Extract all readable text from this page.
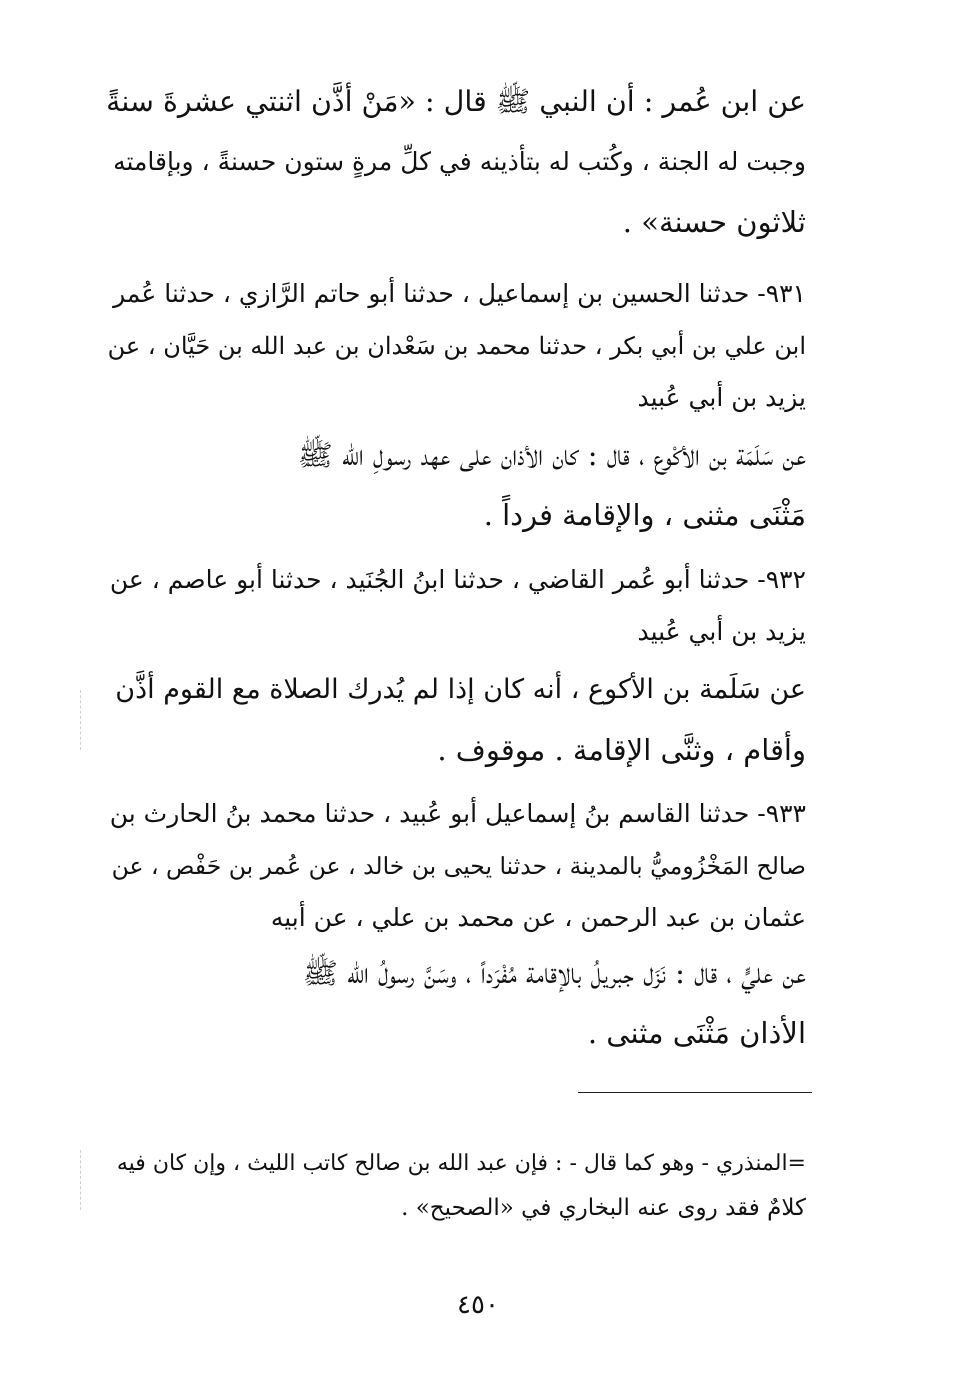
عن ابن عُمر : أن النبي ﷺ قال : «مَنْ أذَّن اثنتي عشرةَ سنةً
وجبت له الجنة ، وكُتب له بتأذينه في كلِّ مرةٍ ستون حسنةً ، وبإقامته
ثلاثون حسنة» .
٩٣١- حدثنا الحسين بن إسماعيل ، حدثنا أبو حاتم الرَّازي ، حدثنا عُمر
ابن علي بن أبي بكر ، حدثنا محمد بن سَعْدان بن عبد الله بن حَيَّان ، عن
يزيد بن أبي عُبيد
عن سَلَمَة بن الأكْوع ، قال : كان الأذان على عهد رسولِ الله ﷺ
مَثْنَى مثنى ، والإقامة فرداً .
٩٣٢- حدثنا أبو عُمر القاضي ، حدثنا ابنُ الجُنَيد ، حدثنا أبو عاصم ، عن
يزيد بن أبي عُبيد
عن سَلَمة بن الأكوع ، أنه كان إذا لم يُدرك الصلاة مع القوم أذَّن
وأقام ، وثنَّى الإقامة . موقوف .
٩٣٣- حدثنا القاسم بنُ إسماعيل أبو عُبيد ، حدثنا محمد بنُ الحارث بن
صالح المَخْزُوميُّ بالمدينة ، حدثنا يحيى بن خالد ، عن عُمر بن حَفْص ، عن
عثمان بن عبد الرحمن ، عن محمد بن علي ، عن أبيه
عن عليٍّ ، قال : نَزَل جبريلُ بالإقامة مُفْرَداً ، وسَنَّ رسولُ الله ﷺ
الأذان مَثْنَى مثنى .
=المنذري - وهو كما قال - : فإن عبد الله بن صالح كاتب الليث ، وإن كان فيه
كلامٌ فقد روى عنه البخاري في «الصحيح» .
٤٥٠
